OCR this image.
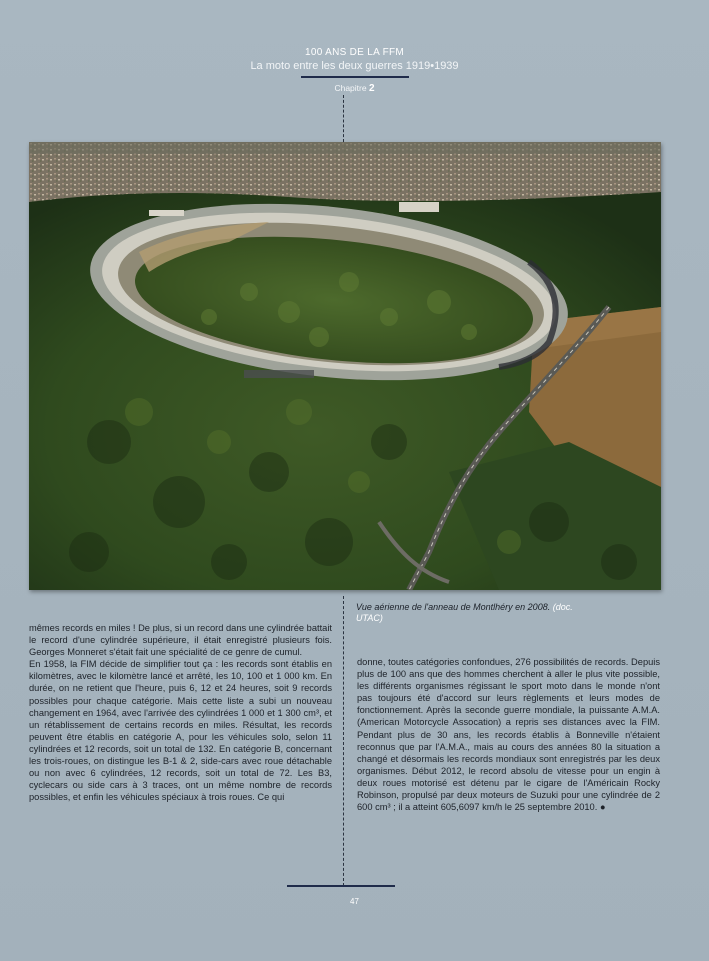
100 ANS DE LA FFM
La moto entre les deux guerres 1919•1939
Chapitre 2
Vue aérienne de l'anneau de Montlhéry en 2008. (doc. UTAC)

mêmes records en miles ! De plus, si un record dans une cylindrée battait le record d'une cylindrée supérieure, il était enregistré plusieurs fois. Georges Monneret s'était fait une spécialité de ce genre de cumul.

En 1958, la FIM décide de simplifier tout ça : les records sont établis en kilomètres, avec le kilomètre lancé et arrêté, les 10, 100 et 1 000 km. En durée, on ne retient que l'heure, puis 6, 12 et 24 heures, soit 9 records possibles pour chaque catégorie. Mais cette liste a subi un nouveau changement en 1964, avec l'arrivée des cylindrées 1 000 et 1 300 cm³, et un rétablissement de certains records en miles. Résultat, les records peuvent être établis en catégorie A, pour les véhicules solo, selon 11 cylindrées et 12 records, soit un total de 132. En catégorie B, concernant les trois-roues, on distingue les B-1 & 2, side-cars avec roue détachable ou non avec 6 cylindrées, 12 records, soit un total de 72. Les B3, cyclecars ou side cars à 3 traces, ont un même nombre de records possibles, et enfin les véhicules spéciaux à trois roues. Ce qui

donne, toutes catégories confondues, 276 possibilités de records. Depuis plus de 100 ans que des hommes cherchent à aller le plus vite possible, les différents organismes régissant le sport moto dans le monde n'ont pas toujours été d'accord sur leurs règlements et leurs modes de fonctionnement. Après la seconde guerre mondiale, la puissante A.M.A. (American Motorcycle Assocation) a repris ses distances avec la FIM. Pendant plus de 30 ans, les records établis à Bonneville n'étaient reconnus que par l'A.M.A., mais au cours des années 80 la situation a changé et désormais les records mondiaux sont enregistrés par les deux organismes. Début 2012, le record absolu de vitesse pour un engin à deux roues motorisé est détenu par le cigare de l'Américain Rocky Robinson, propulsé par deux moteurs de Suzuki pour une cylindrée de 2 600 cm³ ; il a atteint 605,6097 km/h le 25 septembre 2010. ●

47
